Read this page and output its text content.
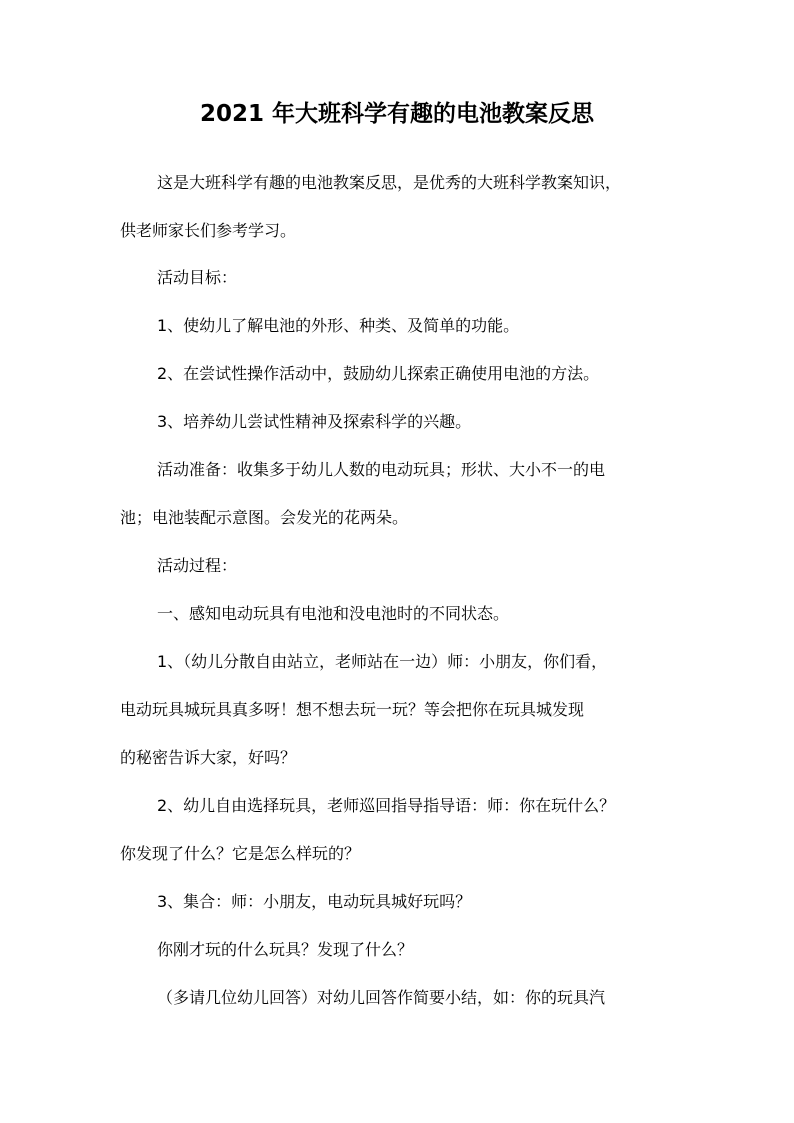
2021 年大班科学有趣的电池教案反思
这是大班科学有趣的电池教案反思，是优秀的大班科学教案知识，
供老师家长们参考学习。
活动目标：
1、使幼儿了解电池的外形、种类、及简单的功能。
2、在尝试性操作活动中，鼓励幼儿探索正确使用电池的方法。
3、培养幼儿尝试性精神及探索科学的兴趣。
活动准备：收集多于幼儿人数的电动玩具；形状、大小不一的电
池；电池装配示意图。会发光的花两朵。
活动过程：
一、感知电动玩具有电池和没电池时的不同状态。
1、（幼儿分散自由站立，老师站在一边）师：小朋友，你们看，
电动玩具城玩具真多呀！想不想去玩一玩？等会把你在玩具城发现
的秘密告诉大家，好吗？
2、幼儿自由选择玩具，老师巡回指导指导语：师：你在玩什么？
你发现了什么？它是怎么样玩的？
3、集合：师：小朋友，电动玩具城好玩吗？
你刚才玩的什么玩具？发现了什么？
（多请几位幼儿回答）对幼儿回答作简要小结，如：你的玩具汽
